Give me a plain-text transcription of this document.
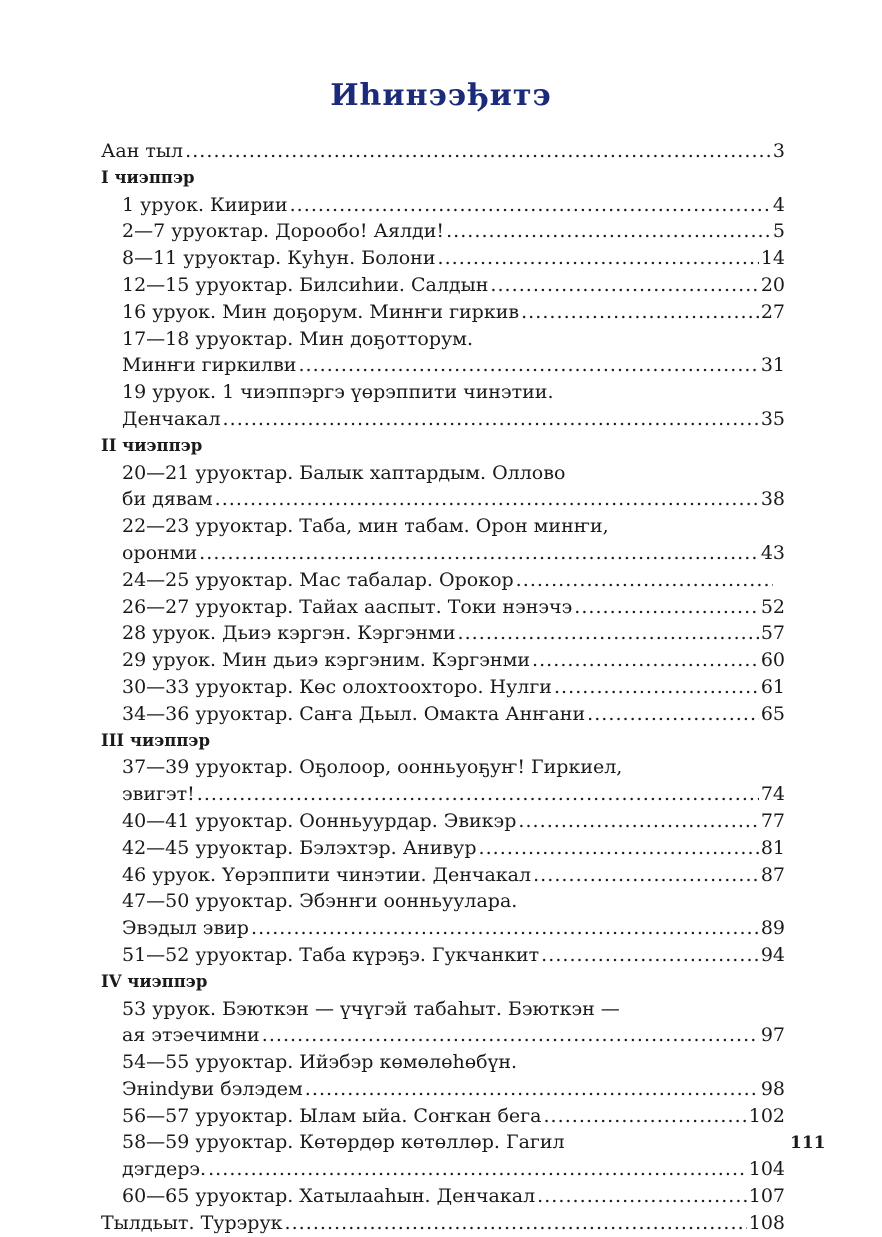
Иhинээђитэ
Аан тыл . . .	3
I чиэппэр
1 уруок. Киирии . . .	4
2—7 уруоктар. Дорообо! Аялди! . . .	5
8—11 уруоктар. Куhун. Болони . . .	14
12—15 уруоктар. Билсиhии. Салдын . . .	20
16 уруок. Мин доҕорум. Минҥи гиркив . . .	27
17—18 уруоктар. Мин доҕотторум.
Минҥи гиркилви . . .	31
19 уруок. 1 чиэппэргэ үөрэппити чинэтии.
Денчакал . . .	35
II чиэппэр
20—21 уруоктар. Балык хаптардым. Оллово
би дявам . . .	38
22—23 уруоктар. Таба, мин табам. Орон минҥи,
оронми . . .	43
24—25 уруоктар. Мас табалар. Орокор
. . .
26—27 уруоктар. Тайах ааспыт. Токи нэнэчэ . . .	52
28 уруок. Дьиэ кэргэн. Кэргэнми . . .	57
29 уруок. Мин дьиэ кэргэним. Кэргэнми . . .	60
30—33 уруоктар. Көс олохтоохторо. Нулги . . .	61
34—36 уруоктар. Саҥа Дьыл. Омакта Анҥани . . .	65
III чиэппэр
37—39 уруоктар. Оҕолоор, оонньуоҕуҥ! Гиркиел,
эвигэт! . . .	74
40—41 уруоктар. Оонньуурдар. Эвикэр . . .	77
42—45 уруоктар. Бэлэхтэр. Анивур . . .	81
46 уруок. Үөрэппити чинэтии. Денчакал . . .	87
47—50 уруоктар. Эбэнҥи оонньуулара.
Эвэдыл эвир . . .	89
51—52 уруоктар. Таба күрэҕэ. Гукчанкит . . .	94
IV чиэппэр
53 уруок. Бэюткэн — үчүгэй табаhыт. Бэюткэн —
ая этэечимни . . .	97
54—55 уруоктар. Ийэбэр көмөлөhөбүн.
Энindуви бэлэдем . . .	98
56—57 уруоктар. Ылам ыйа. Соҥкан бега . . .	102
58—59 уруоктар. Көтөрдөр көтөллөр. Гагил
дэгдерэ. . . .	104
60—65 уруоктар. Хатылааhын. Денчакал . . .	107
Тылдьыт. Турэрук . . .	108
111
